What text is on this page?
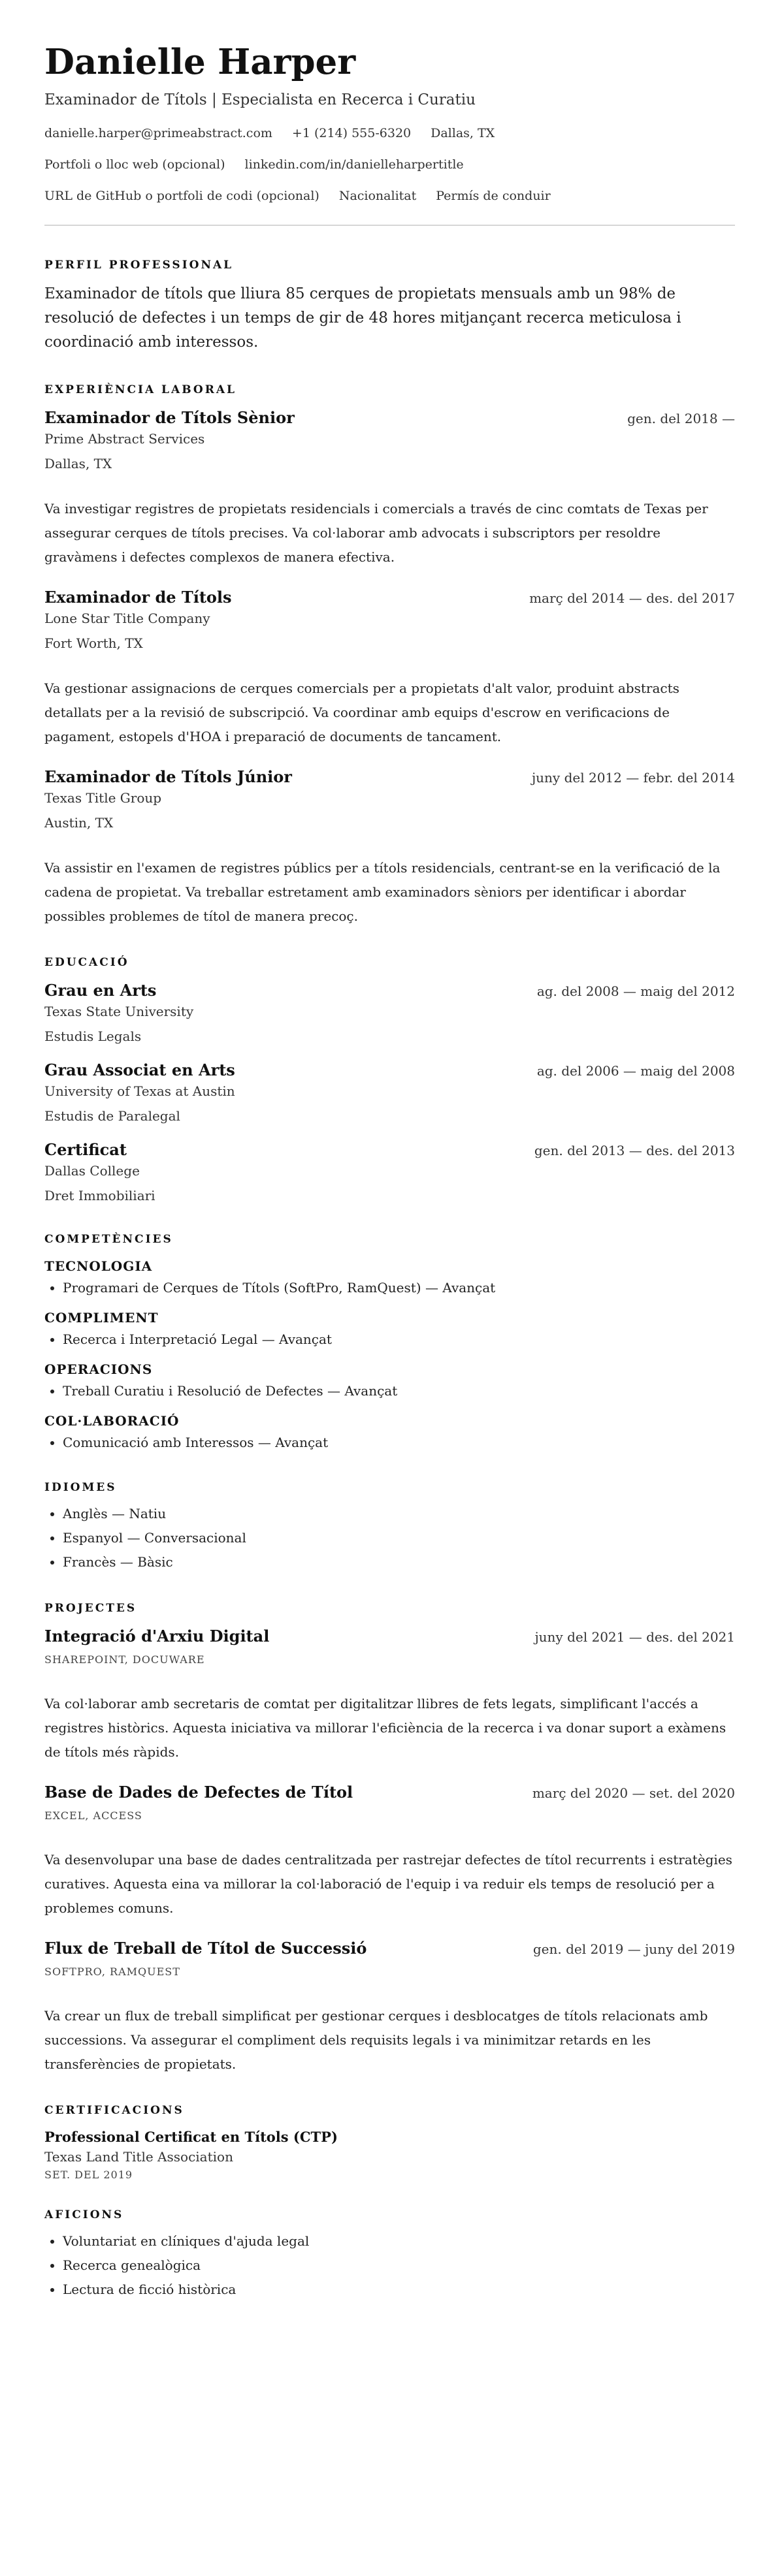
Danielle Harper
Examinador de Títols | Especialista en Recerca i Curatiu
danielle.harper@primeabstract.com +1 (214) 555-6320 Dallas, TX
Portfoli o lloc web (opcional) linkedin.com/in/danielleharpertitle
URL de GitHub o portfoli de codi (opcional) Nacionalitat Permís de conduir
PERFIL PROFESSIONAL
Examinador de títols que lliura 85 cerques de propietats mensuals amb un 98% de resolució de defectes i un temps de gir de 48 hores mitjançant recerca meticulosa i coordinació amb interessos.
EXPERIÈNCIA LABORAL
Examinador de Títols Sènior	gen. del 2018 —
Prime Abstract Services
Dallas, TX
Va investigar registres de propietats residencials i comercials a través de cinc comtats de Texas per assegurar cerques de títols precises. Va col·laborar amb advocats i subscriptors per resoldre gravàmens i defectes complexos de manera efectiva.
Examinador de Títols	març del 2014 — des. del 2017
Lone Star Title Company
Fort Worth, TX
Va gestionar assignacions de cerques comercials per a propietats d'alt valor, produint abstracts detallats per a la revisió de subscripció. Va coordinar amb equips d'escrow en verificacions de pagament, estopels d'HOA i preparació de documents de tancament.
Examinador de Títols Júnior	juny del 2012 — febr. del 2014
Texas Title Group
Austin, TX
Va assistir en l'examen de registres públics per a títols residencials, centrant-se en la verificació de la cadena de propietat. Va treballar estretament amb examinadors sèniors per identificar i abordar possibles problemes de títol de manera precoç.
EDUCACIÓ
Grau en Arts	ag. del 2008 — maig del 2012
Texas State University
Estudis Legals
Grau Associat en Arts	ag. del 2006 — maig del 2008
University of Texas at Austin
Estudis de Paralegal
Certificat	gen. del 2013 — des. del 2013
Dallas College
Dret Immobiliari
COMPETÈNCIES
TECNOLOGIA
• Programari de Cerques de Títols (SoftPro, RamQuest) — Avançat
COMPLIMENT
• Recerca i Interpretació Legal — Avançat
OPERACIONS
• Treball Curatiu i Resolució de Defectes — Avançat
COL·LABORACIÓ
• Comunicació amb Interessos — Avançat
IDIOMES
• Anglès — Natiu
• Espanyol — Conversacional
• Francès — Bàsic
PROJECTES
Integració d'Arxiu Digital	juny del 2021 — des. del 2021
SHAREPOINT, DOCUWARE
Va col·laborar amb secretaris de comtat per digitalitzar llibres de fets legats, simplificant l'accés a registres històrics. Aquesta iniciativa va millorar l'eficiència de la recerca i va donar suport a exàmens de títols més ràpids.
Base de Dades de Defectes de Títol	març del 2020 — set. del 2020
EXCEL, ACCESS
Va desenvolupar una base de dades centralitzada per rastrejar defectes de títol recurrents i estratègies curatives. Aquesta eina va millorar la col·laboració de l'equip i va reduir els temps de resolució per a problemes comuns.
Flux de Treball de Títol de Successió	gen. del 2019 — juny del 2019
SOFTPRO, RAMQUEST
Va crear un flux de treball simplificat per gestionar cerques i desblocatges de títols relacionats amb successions. Va assegurar el compliment dels requisits legals i va minimitzar retards en les transferències de propietats.
CERTIFICACIONS
Professional Certificat en Títols (CTP)
Texas Land Title Association
SET. DEL 2019
AFICIONS
• Voluntariat en clíniques d'ajuda legal
• Recerca genealògica
• Lectura de ficció històrica
